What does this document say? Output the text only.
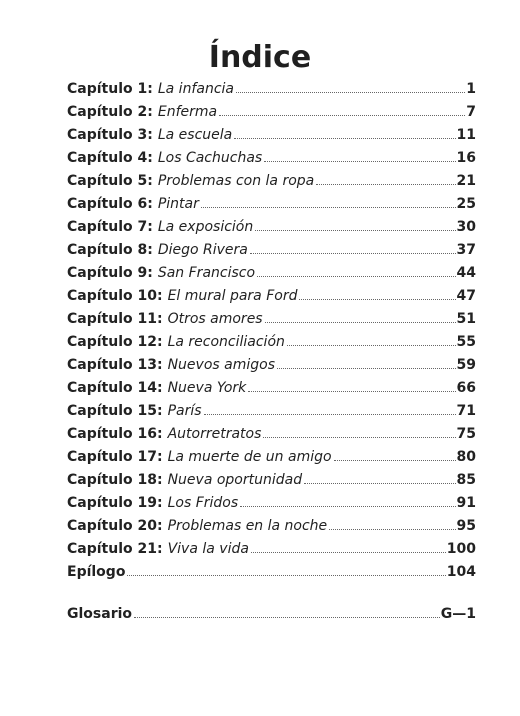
Índice
Capítulo 1: La infancia	1
Capítulo 2: Enferma	7
Capítulo 3: La escuela	11
Capítulo 4: Los Cachuchas	16
Capítulo 5: Problemas con la ropa	21
Capítulo 6: Pintar	25
Capítulo 7: La exposición	30
Capítulo 8: Diego Rivera	37
Capítulo 9: San Francisco	44
Capítulo 10: El mural para Ford	47
Capítulo 11: Otros amores	51
Capítulo 12: La reconciliación	55
Capítulo 13: Nuevos amigos	59
Capítulo 14: Nueva York	66
Capítulo 15: París	71
Capítulo 16: Autorretratos	75
Capítulo 17: La muerte de un amigo	80
Capítulo 18: Nueva oportunidad	85
Capítulo 19: Los Fridos	91
Capítulo 20: Problemas en la noche	95
Capítulo 21: Viva la vida	100
Epílogo	104
Glosario	G—1
